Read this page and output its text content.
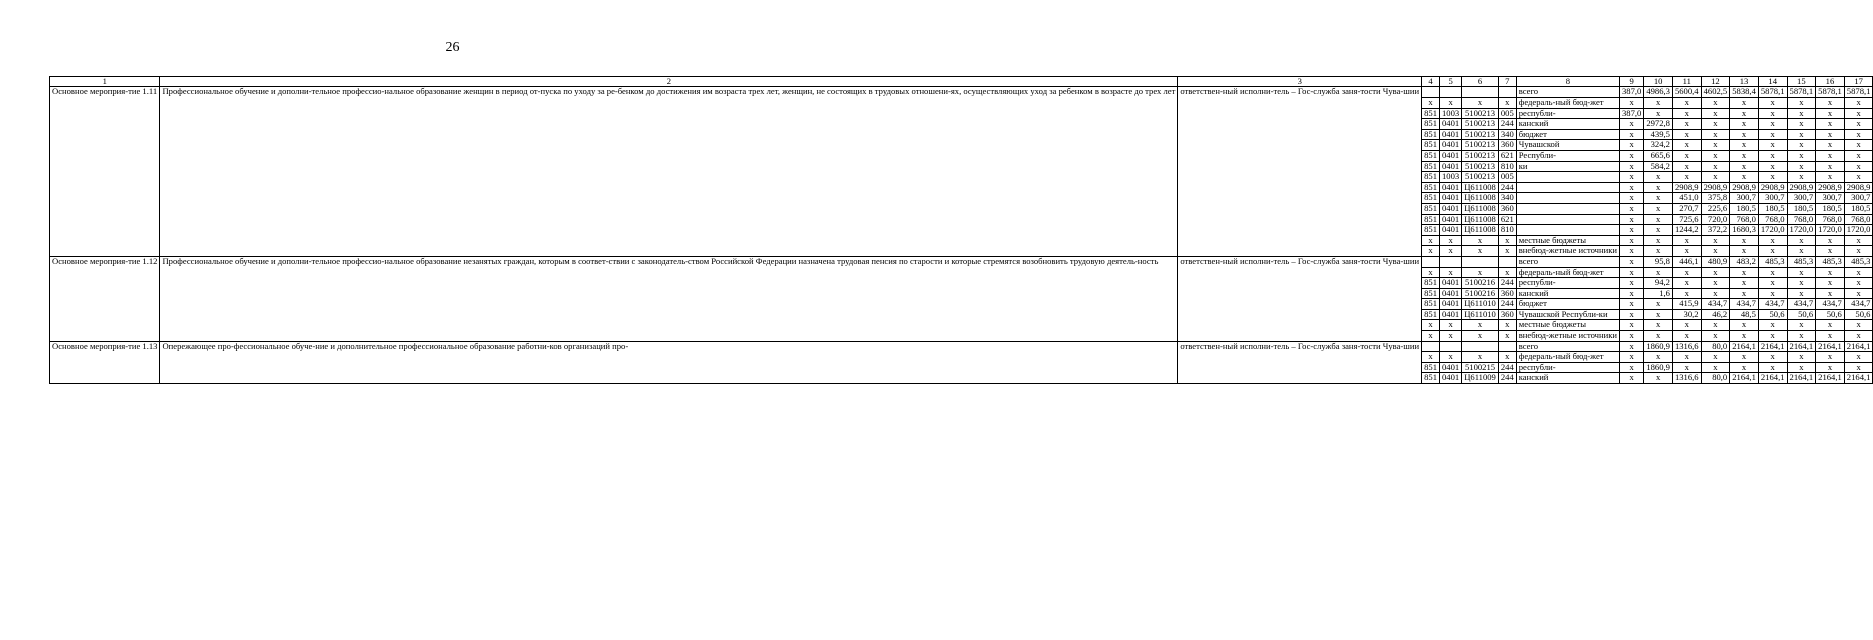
26
1	2	3	4	5	6	7	8	9	10	11	12	13	14	15	16	17
Основное мероприя-тие 1.11	Профессиональное обучение и дополни-тельное профессио-нальное образование женщин в период от-пуска по уходу за ре-бенком до достижения им возраста трех лет, женщин, не состоящих в трудовых отношени-ях, осуществляющих уход за ребенком в возрасте до трех лет	ответствен-ный исполни-тель – Гос-служба заня-тости Чува-шии					всего	387,0	4986,3	5600,4	4602,5	5838,4	5878,1	5878,1	5878,1	5878,1
			x	x	x	x	федераль-ный бюд-жет	x	x	x	x	x	x	x	x	x
			851	1003	5100213	005	республи-	387,0	x	x	x	x	x	x	x	x
			851	0401	5100213	244	канский	x	2972,8	x	x	x	x	x	x	x
			851	0401	5100213	340	бюджет	x	439,5	x	x	x	x	x	x	x
			851	0401	5100213	360	Чувашской	x	324,2	x	x	x	x	x	x	x
			851	0401	5100213	621	Республи-	x	665,6	x	x	x	x	x	x	x
			851	0401	5100213	810	ки	x	584,2	x	x	x	x	x	x	x
			851	1003	5100213	005		x	x	x	x	x	x	x	x	x
			851	0401	Ц611008	244		x	x	2908,9	2908,9	2908,9	2908,9	2908,9	2908,9	2908,9
			851	0401	Ц611008	340		x	x	451,0	375,8	300,7	300,7	300,7	300,7	300,7
			851	0401	Ц611008	360		x	x	270,7	225,6	180,5	180,5	180,5	180,5	180,5
			851	0401	Ц611008	621		x	x	725,6	720,0	768,0	768,0	768,0	768,0	768,0
			851	0401	Ц611008	810		x	x	1244,2	372,2	1680,3	1720,0	1720,0	1720,0	1720,0
			x	x	x	x	местные бюджеты	x	x	x	x	x	x	x	x	x
			x	x	x	x	внебюд-жетные источники	x	x	x	x	x	x	x	x	x
Основное мероприя-тие 1.12	Профессиональное обучение и дополни-тельное профессио-нальное образование незанятых граждан, которым в соответ-ствии с законодатель-ством Российской Федерации назначена трудовая пенсия по старости и которые стремятся возобновить трудовую деятель-ность	ответствен-ный исполни-тель – Гос-служба заня-тости Чува-шии					всего	x	95,8	446,1	480,9	483,2	485,3	485,3	485,3	485,3
			x	x	x	x	федераль-ный бюд-жет	x	x	x	x	x	x	x	x	x
			851	0401	5100216	244	республи-	x	94,2	x	x	x	x	x	x	x
			851	0401	5100216	360	канский	x	1,6	x	x	x	x	x	x	x
			851	0401	Ц611010	244	бюджет	x	x	415,9	434,7	434,7	434,7	434,7	434,7	434,7
			851	0401	Ц611010	360	Чувашской Республи-ки	x	x	30,2	46,2	48,5	50,6	50,6	50,6	50,6
			x	x	x	x	местные бюджеты	x	x	x	x	x	x	x	x	x
			x	x	x	x	внебюд-жетные источники	x	x	x	x	x	x	x	x	x
Основное мероприя-тие 1.13	Опережающее про-фессиональное обуче-ние и дополнительное профессиональное образование работни-ков организаций про-	ответствен-ный исполни-тель – Гос-служба заня-тости Чува-шии					всего	x	1860,9	1316,6	80,0	2164,1	2164,1	2164,1	2164,1	2164,1
			x	x	x	x	федераль-ный бюд-жет	x	x	x	x	x	x	x	x	x
			851	0401	5100215	244	республи-	x	1860,9	x	x	x	x	x	x	x
			851	0401	Ц611009	244	канский	x	x	1316,6	80,0	2164,1	2164,1	2164,1	2164,1	2164,1
